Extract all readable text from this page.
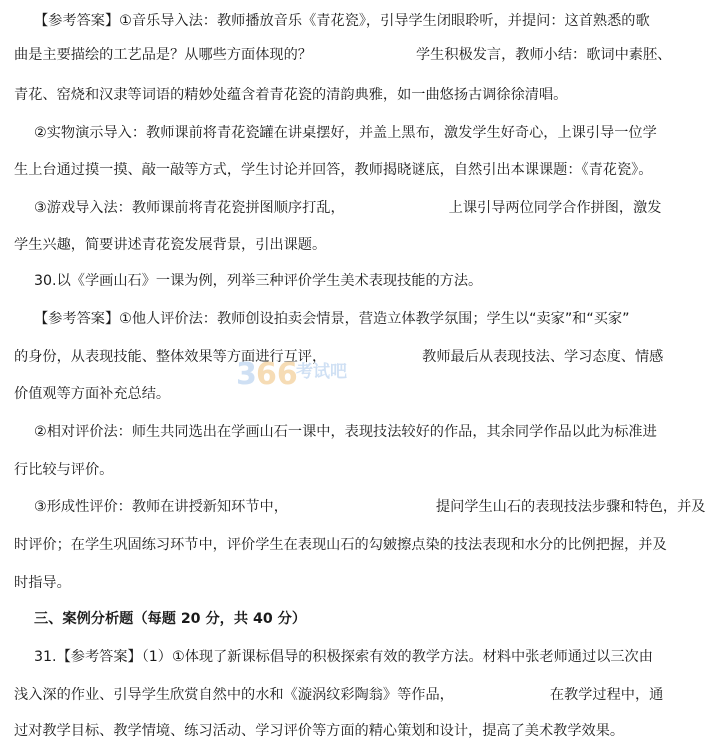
【参考答案】①音乐导入法：教师播放音乐《青花瓷》，引导学生闭眼聆听，并提问：这首熟悉的歌
曲是主要描绘的工艺品是？从哪些方面体现的？	学生积极发言，教师小结：歌词中素胚、
青花、窑烧和汉隶等词语的精妙处蕴含着青花瓷的清韵典雅，如一曲悠扬古调徐徐清唱。
②实物演示导入：教师课前将青花瓷罐在讲桌摆好，并盖上黑布，激发学生好奇心，上课引导一位学
生上台通过摸一摸、敲一敲等方式，学生讨论并回答，教师揭晓谜底，自然引出本课课题：《青花瓷》。
③游戏导入法：教师课前将青花瓷拼图顺序打乱，	上课引导两位同学合作拼图，激发
学生兴趣，简要讲述青花瓷发展背景，引出课题。
30.以《学画山石》一课为例，列举三种评价学生美术表现技能的方法。
【参考答案】①他人评价法：教师创设拍卖会情景，营造立体教学氛围；学生以“卖家”和“买家”
的身份，从表现技能、整体效果等方面进行互评，	教师最后从表现技法、学习态度、情感
价值观等方面补充总结。
②相对评价法：师生共同选出在学画山石一课中，表现技法较好的作品，其余同学作品以此为标准进
行比较与评价。
③形成性评价：教师在讲授新知环节中，	提问学生山石的表现技法步骤和特色，并及
时评价；在学生巩固练习环节中，评价学生在表现山石的勾皴擦点染的技法表现和水分的比例把握，并及
时指导。
三、案例分析题（每题 20 分，共 40 分）
31.【参考答案】（1）①体现了新课标倡导的积极探索有效的教学方法。材料中张老师通过以三次由
浅入深的作业、引导学生欣赏自然中的水和《漩涡纹彩陶翁》等作品，	在教学过程中，通
过对教学目标、教学情境、练习活动、学习评价等方面的精心策划和设计，提高了美术教学效果。
3 66
考试吧
